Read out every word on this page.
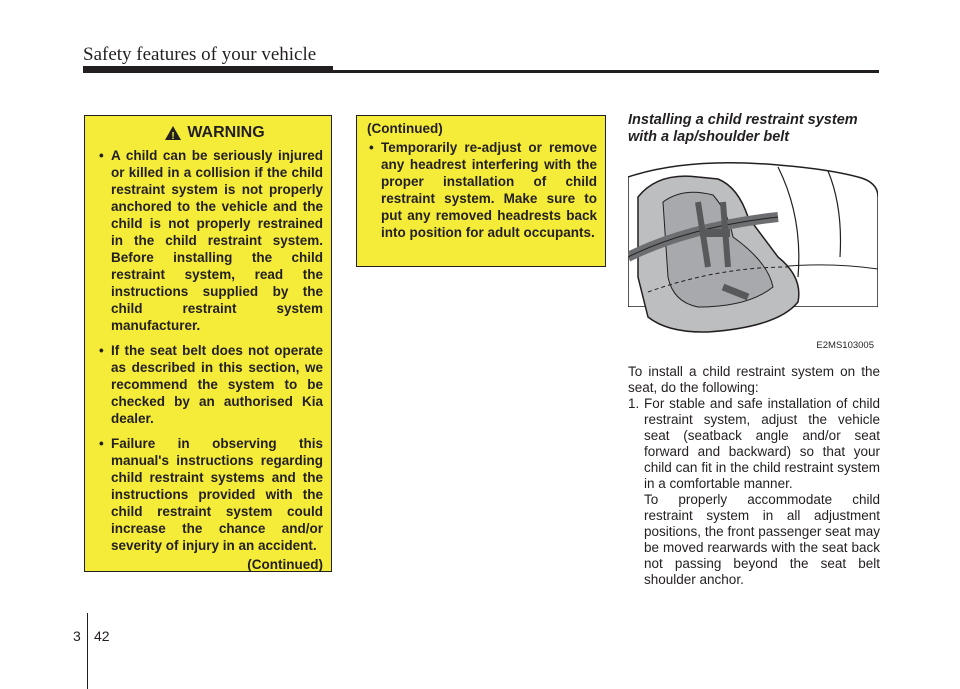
Safety features of your vehicle
!
WARNING
• A child can be seriously injured or killed in a collision if the child restraint system is not properly anchored to the vehicle and the child is not properly restrained in the child restraint system. Before installing the child restraint system, read the instructions supplied by the child restraint system manufacturer.
• If the seat belt does not operate as described in this section, we recommend the system to be checked by an authorised Kia dealer.
• Failure in observing this manual's instructions regarding child restraint systems and the instructions provided with the child restraint system could increase the chance and/or severity of injury in an accident.
(Continued)
(Continued)
• Temporarily re-adjust or remove any headrest interfering with the proper installation of child restraint system. Make sure to put any removed headrests back into position for adult occupants.
Installing a child restraint system with a lap/shoulder belt
E2MS103005

To install a child restraint system on the seat, do the following:

1. For stable and safe installation of child restraint system, adjust the vehicle seat (seatback angle and/or seat forward and backward) so that your child can fit in the child restraint system in a comfortable manner.

To properly accommodate child restraint system in all adjustment positions, the front passenger seat may be moved rearwards with the seat back not passing beyond the seat belt shoulder anchor.

3 42
